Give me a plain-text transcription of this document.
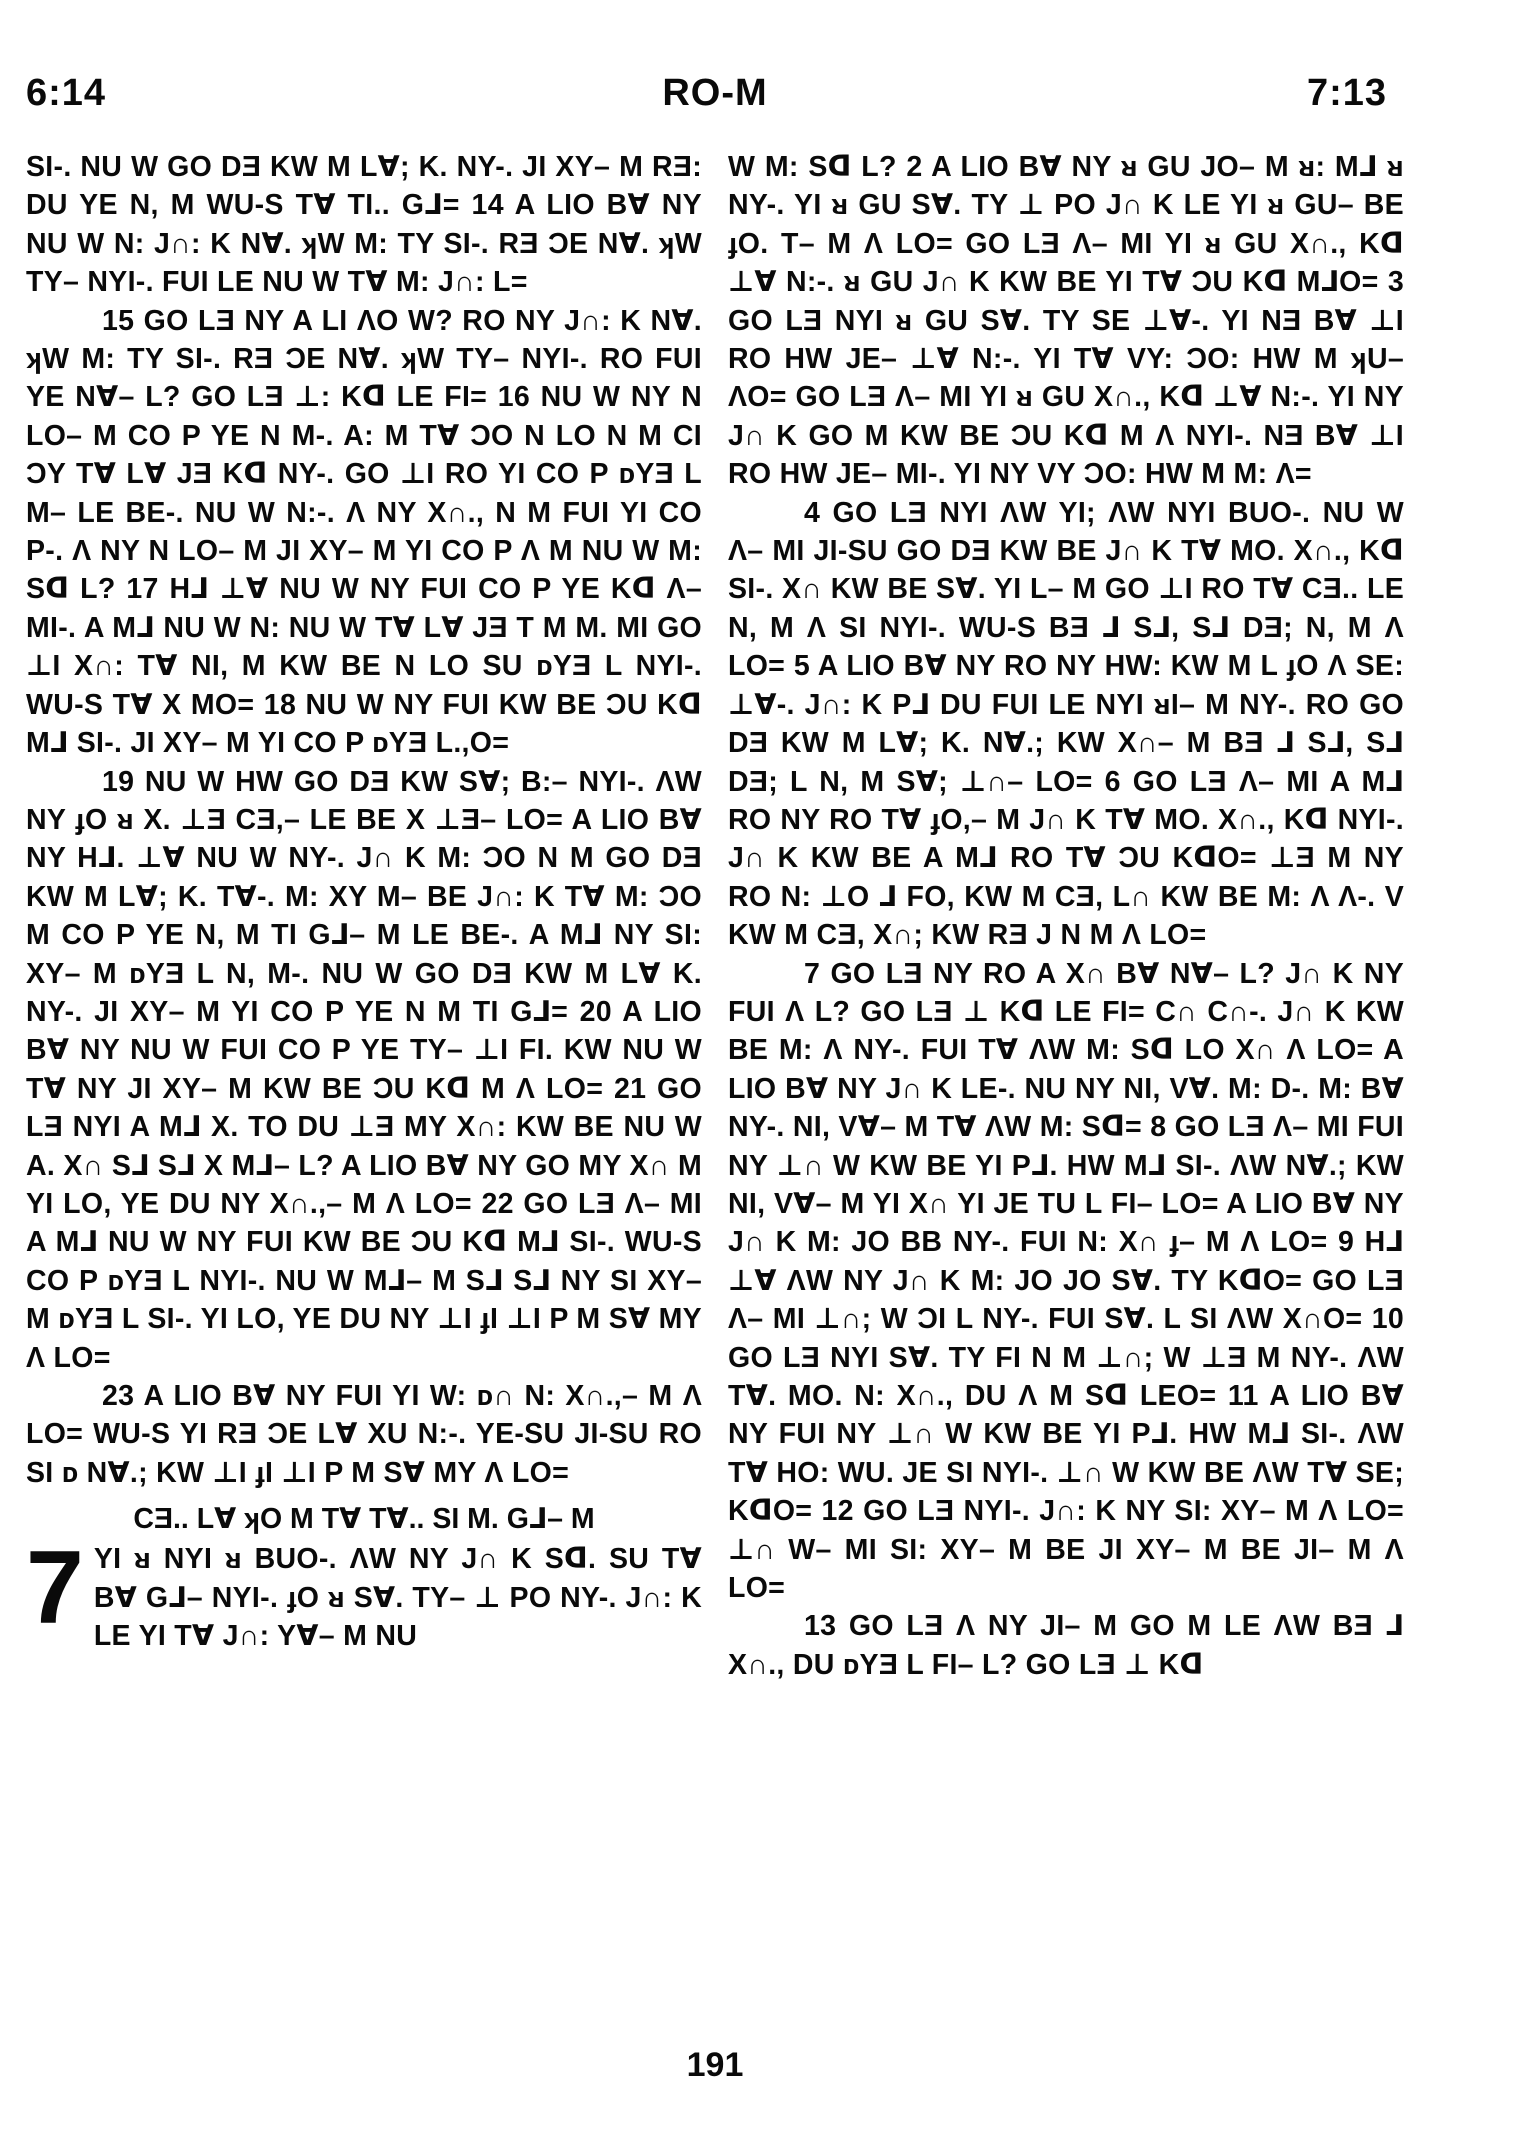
6:14	RO-M	7:13

SI-. NU W GO DƎ KW M L∀; K. NY-. JI XY– M RƎ: DU YE N, M WU-S T∀ TI.. G⅃= 14 A LIO B∀ NY NU W N: J∩: K N∀. ʞW M: TY SI-. RƎ ƆE N∀. ʞW TY– NYI-. FUI LE NU W T∀ M: J∩: L=

15 GO LƎ NY A LI ΛO W? RO NY J∩: K N∀. ʞW M: TY SI-. RƎ ƆE N∀. ʞW TY– NYI-. RO FUI YE N∀– L? GO LƎ ⊥: Kᗡ LE FI= 16 NU W NY N LO– M CO P YE N M-. A: M T∀ ƆO N LO N M CI ƆY T∀ L∀ JƎ Kᗡ NY-. GO ⊥I RO YI CO P ᴅYƎ L M– LE BE-. NU W N:-. Λ NY X∩., N M FUI YI CO P-. Λ NY N LO– M JI XY– M YI CO P Λ M NU W M: Sᗡ L? 17 H⅃ ⊥∀ NU W NY FUI CO P YE Kᗡ Λ– MI-. A M⅃ NU W N: NU W T∀ L∀ JƎ T M M. MI GO ⊥I X∩: T∀ NI, M KW BE N LO SU ᴅYƎ L NYI-. WU-S T∀ X MO= 18 NU W NY FUI KW BE ƆU Kᗡ M⅃ SI-. JI XY– M YI CO P ᴅYƎ L.,O=

19 NU W HW GO DƎ KW S∀; B:– NYI-. ΛW NY ɟO ᴚ X. ⊥Ǝ CƎ,– LE BE X ⊥Ǝ– LO= A LIO B∀ NY H⅃. ⊥∀ NU W NY-. J∩ K M: ƆO N M GO DƎ KW M L∀; K. T∀-. M: XY M– BE J∩: K T∀ M: ƆO M CO P YE N, M TI G⅃– M LE BE-. A M⅃ NY SI: XY– M ᴅYƎ L N, M-. NU W GO DƎ KW M L∀ K. NY-. JI XY– M YI CO P YE N M TI G⅃= 20 A LIO B∀ NY NU W FUI CO P YE TY– ⊥I FI. KW NU W T∀ NY JI XY– M KW BE ƆU Kᗡ M Λ LO= 21 GO LƎ NYI A M⅃ X. TO DU ⊥Ǝ MY X∩: KW BE NU W A. X∩ S⅃ S⅃ X M⅃– L? A LIO B∀ NY GO MY X∩ M YI LO, YE DU NY X∩.,– M Λ LO= 22 GO LƎ Λ– MI A M⅃ NU W NY FUI KW BE ƆU Kᗡ M⅃ SI-. WU-S CO P ᴅYƎ L NYI-. NU W M⅃– M S⅃ S⅃ NY SI XY– M ᴅYƎ L SI-. YI LO, YE DU NY ⊥I ɟI ⊥I P M S∀ MY Λ LO=

23 A LIO B∀ NY FUI YI W: ᴅ∩ N: X∩.,– M Λ LO= WU-S YI RƎ ƆE L∀ XU N:-. YE-SU JI-SU RO SI ᴅ N∀.; KW ⊥I ɟI ⊥I P M S∀ MY Λ LO=

CƎ.. L∀ ʞO M T∀ T∀.. SI M. G⅃– M
7 YI ᴚ NYI ᴚ BUO-. ΛW NY J∩ K Sᗡ. SU T∀ B∀ G⅃– NYI-. ɟO ᴚ S∀. TY– ⊥ PO NY-. J∩: K LE YI T∀ J∩: Y∀– M NU

W M: Sᗡ L? 2 A LIO B∀ NY ᴚ GU JO– M ᴚ: M⅃ ᴚ NY-. YI ᴚ GU S∀. TY ⊥ PO J∩ K LE YI ᴚ GU– BE ɟO. T– M Λ LO= GO LƎ Λ– MI YI ᴚ GU X∩., Kᗡ ⊥∀ N:-. ᴚ GU J∩ K KW BE YI T∀ ƆU Kᗡ M⅃O= 3 GO LƎ NYI ᴚ GU S∀. TY SE ⊥∀-. YI NƎ B∀ ⊥I RO HW JE– ⊥∀ N:-. YI T∀ VY: ƆO: HW M ʞU– ΛO= GO LƎ Λ– MI YI ᴚ GU X∩., Kᗡ ⊥∀ N:-. YI NY J∩ K GO M KW BE ƆU Kᗡ M Λ NYI-. NƎ B∀ ⊥I RO HW JE– MI-. YI NY VY ƆO: HW M M: Λ=

4 GO LƎ NYI ΛW YI; ΛW NYI BUO-. NU W Λ– MI JI-SU GO DƎ KW BE J∩ K T∀ MO. X∩., Kᗡ SI-. X∩ KW BE S∀. YI L– M GO ⊥I RO T∀ CƎ.. LE N, M Λ SI NYI-. WU-S BƎ ⅃ S⅃, S⅃ DƎ; N, M Λ LO= 5 A LIO B∀ NY RO NY HW: KW M L ɟO Λ SE: ⊥∀-. J∩: K P⅃ DU FUI LE NYI ᴚI– M NY-. RO GO DƎ KW M L∀; K. N∀.; KW X∩– M BƎ ⅃ S⅃, S⅃ DƎ; L N, M S∀; ⊥∩– LO= 6 GO LƎ Λ– MI A M⅃ RO NY RO T∀ ɟO,– M J∩ K T∀ MO. X∩., Kᗡ NYI-. J∩ K KW BE A M⅃ RO T∀ ƆU KᗡO= ⊥Ǝ M NY RO N: ⊥O ⅃ FO, KW M CƎ, L∩ KW BE M: Λ Λ-. V KW M CƎ, X∩; KW RƎ J N M Λ LO=

7 GO LƎ NY RO A X∩ B∀ N∀– L? J∩ K NY FUI Λ L? GO LƎ ⊥ Kᗡ LE FI= C∩ C∩-. J∩ K KW BE M: Λ NY-. FUI T∀ ΛW M: Sᗡ LO X∩ Λ LO= A LIO B∀ NY J∩ K LE-. NU NY NI, V∀. M: D-. M: B∀ NY-. NI, V∀– M T∀ ΛW M: Sᗡ= 8 GO LƎ Λ– MI FUI NY ⊥∩ W KW BE YI P⅃. HW M⅃ SI-. ΛW N∀.; KW NI, V∀– M YI X∩ YI JE TU L FI– LO= A LIO B∀ NY J∩ K M: JO BB NY-. FUI N: X∩ ɟ– M Λ LO= 9 H⅃ ⊥∀ ΛW NY J∩ K M: JO JO S∀. TY KᗡO= GO LƎ Λ– MI ⊥∩; W ƆI L NY-. FUI S∀. L SI ΛW X∩O= 10 GO LƎ NYI S∀. TY FI N M ⊥∩; W ⊥Ǝ M NY-. ΛW T∀. MO. N: X∩., DU Λ M Sᗡ LEO= 11 A LIO B∀ NY FUI NY ⊥∩ W KW BE YI P⅃. HW M⅃ SI-. ΛW T∀ HO: WU. JE SI NYI-. ⊥∩ W KW BE ΛW T∀ SE; KᗡO= 12 GO LƎ NYI-. J∩: K NY SI: XY– M Λ LO= ⊥∩ W– MI SI: XY– M BE JI XY– M BE JI– M Λ LO=

13 GO LƎ Λ NY JI– M GO M LE ΛW BƎ ⅃ X∩., DU ᴅYƎ L FI– L? GO LƎ ⊥ Kᗡ

191
